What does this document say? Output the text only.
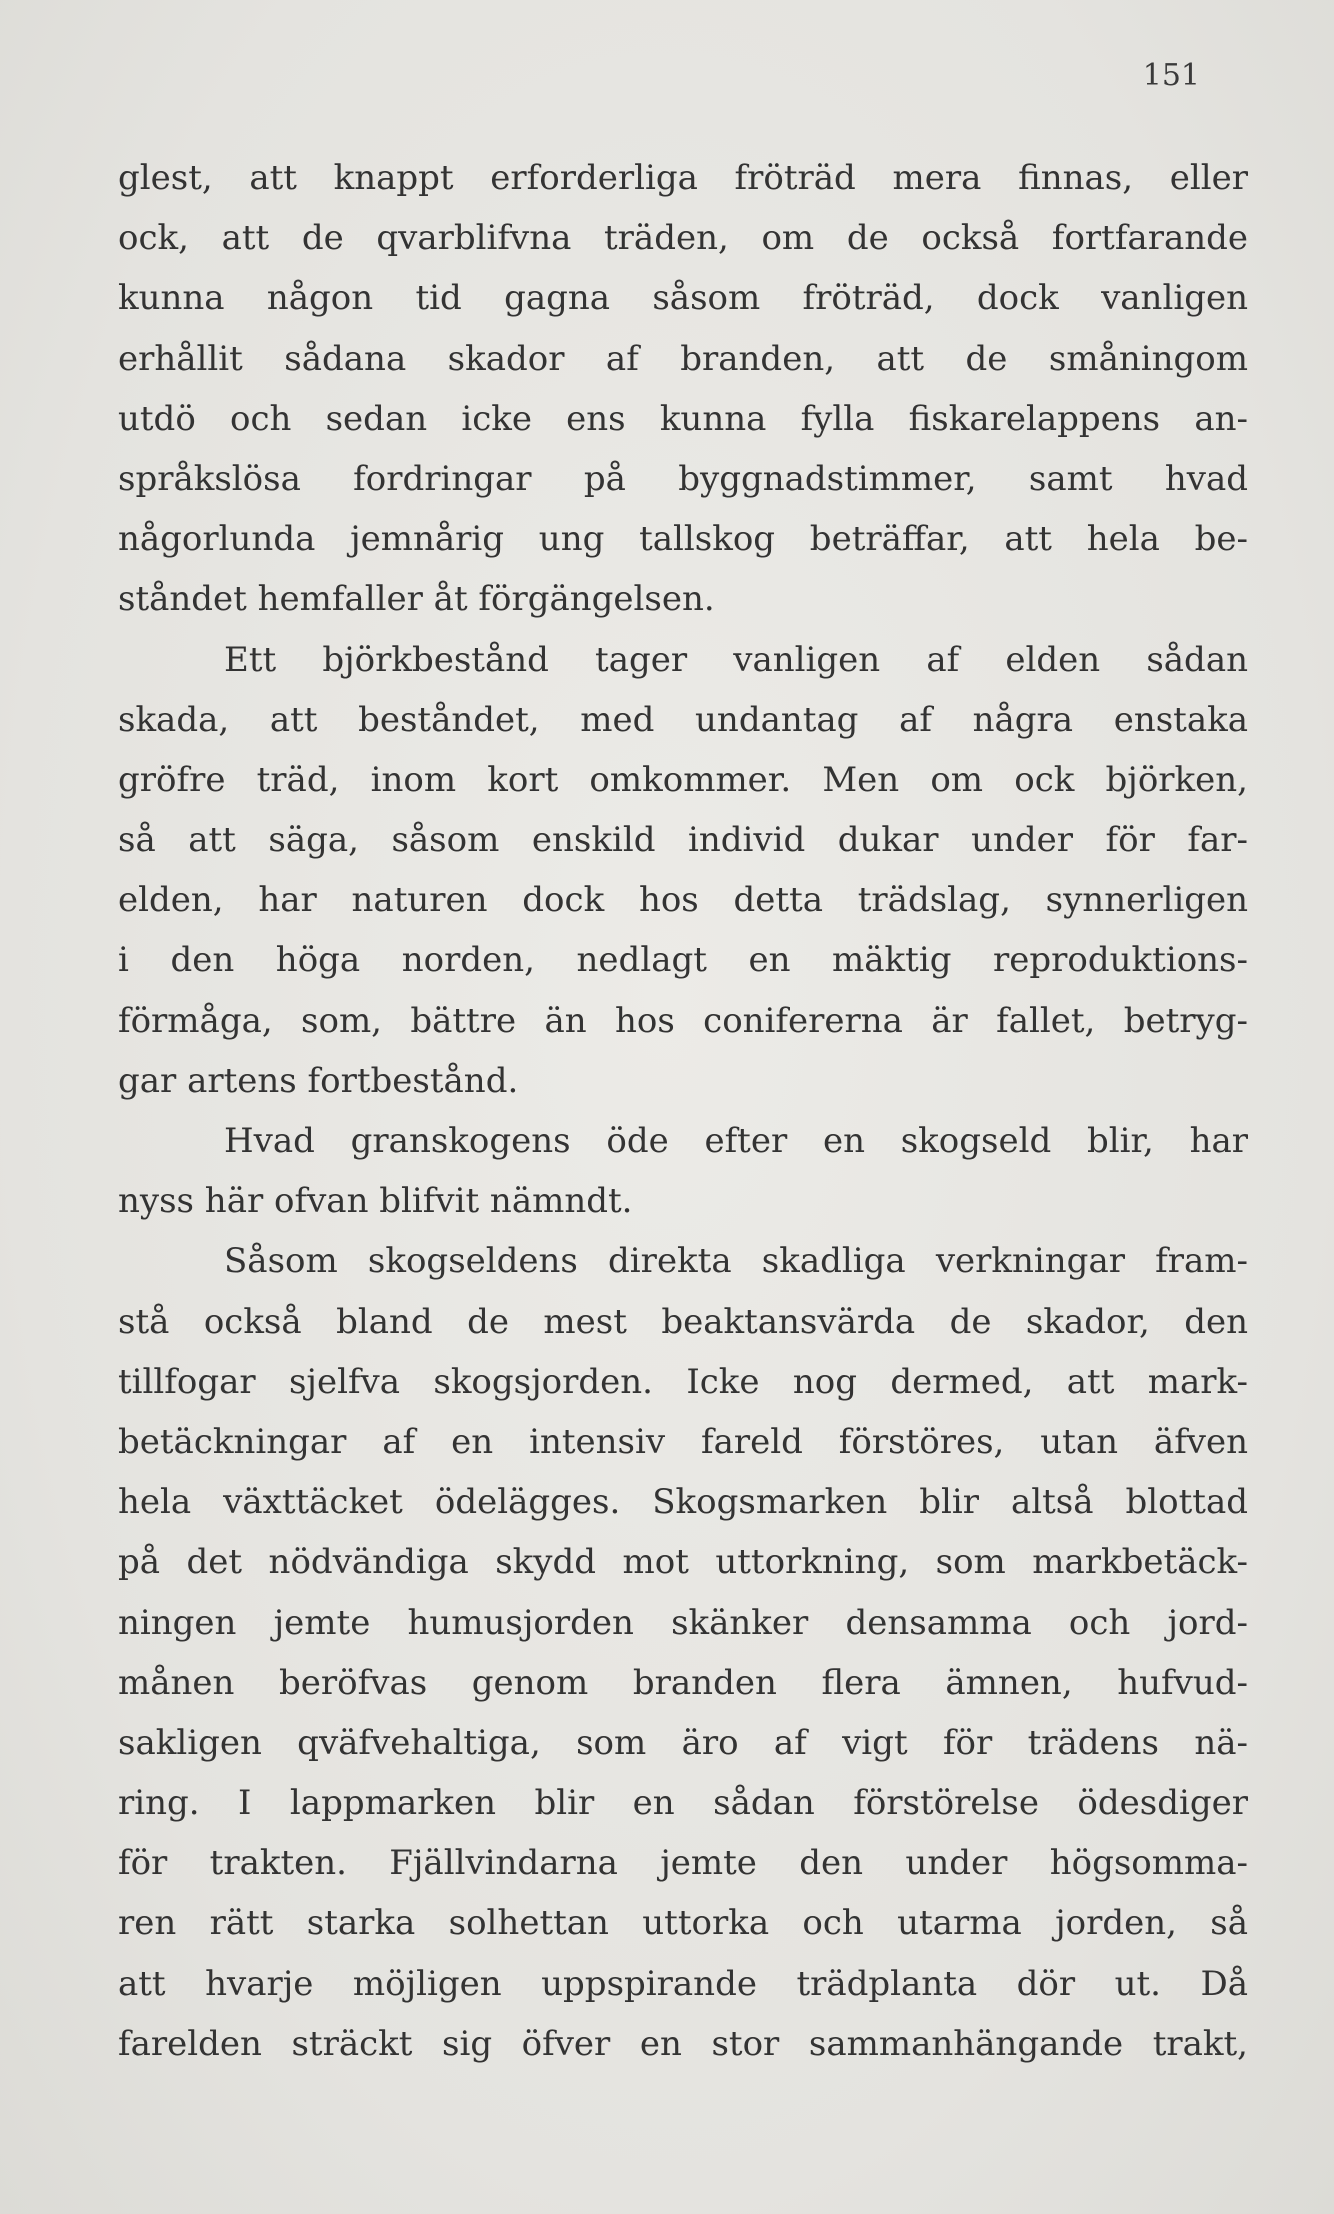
151
glest, att knappt erforderliga fröträd mera finnas, eller
ock, att de qvarblifvna träden, om de också fortfarande
kunna någon tid gagna såsom fröträd, dock vanligen
erhållit sådana skador af branden, att de småningom
utdö och sedan icke ens kunna fylla fiskarelappens an-
språkslösa fordringar på byggnadstimmer, samt hvad
någorlunda jemnårig ung tallskog beträffar, att hela be-
ståndet hemfaller åt förgängelsen.
Ett björkbestånd tager vanligen af elden sådan
skada, att beståndet, med undantag af några enstaka
gröfre träd, inom kort omkommer. Men om ock björken,
så att säga, såsom enskild individ dukar under för far-
elden, har naturen dock hos detta trädslag, synnerligen
i den höga norden, nedlagt en mäktig reproduktions-
förmåga, som, bättre än hos conifererna är fallet, betryg-
gar artens fortbestånd.
Hvad granskogens öde efter en skogseld blir, har
nyss här ofvan blifvit nämndt.
Såsom skogseldens direkta skadliga verkningar fram-
stå också bland de mest beaktansvärda de skador, den
tillfogar sjelfva skogsjorden. Icke nog dermed, att mark-
betäckningar af en intensiv fareld förstöres, utan äfven
hela växttäcket ödelägges. Skogsmarken blir altså blottad
på det nödvändiga skydd mot uttorkning, som markbetäck-
ningen jemte humusjorden skänker densamma och jord-
månen beröfvas genom branden flera ämnen, hufvud-
sakligen qväfvehaltiga, som äro af vigt för trädens nä-
ring. I lappmarken blir en sådan förstörelse ödesdiger
för trakten. Fjällvindarna jemte den under högsomma-
ren rätt starka solhettan uttorka och utarma jorden, så
att hvarje möjligen uppspirande trädplanta dör ut. Då
farelden sträckt sig öfver en stor sammanhängande trakt,
